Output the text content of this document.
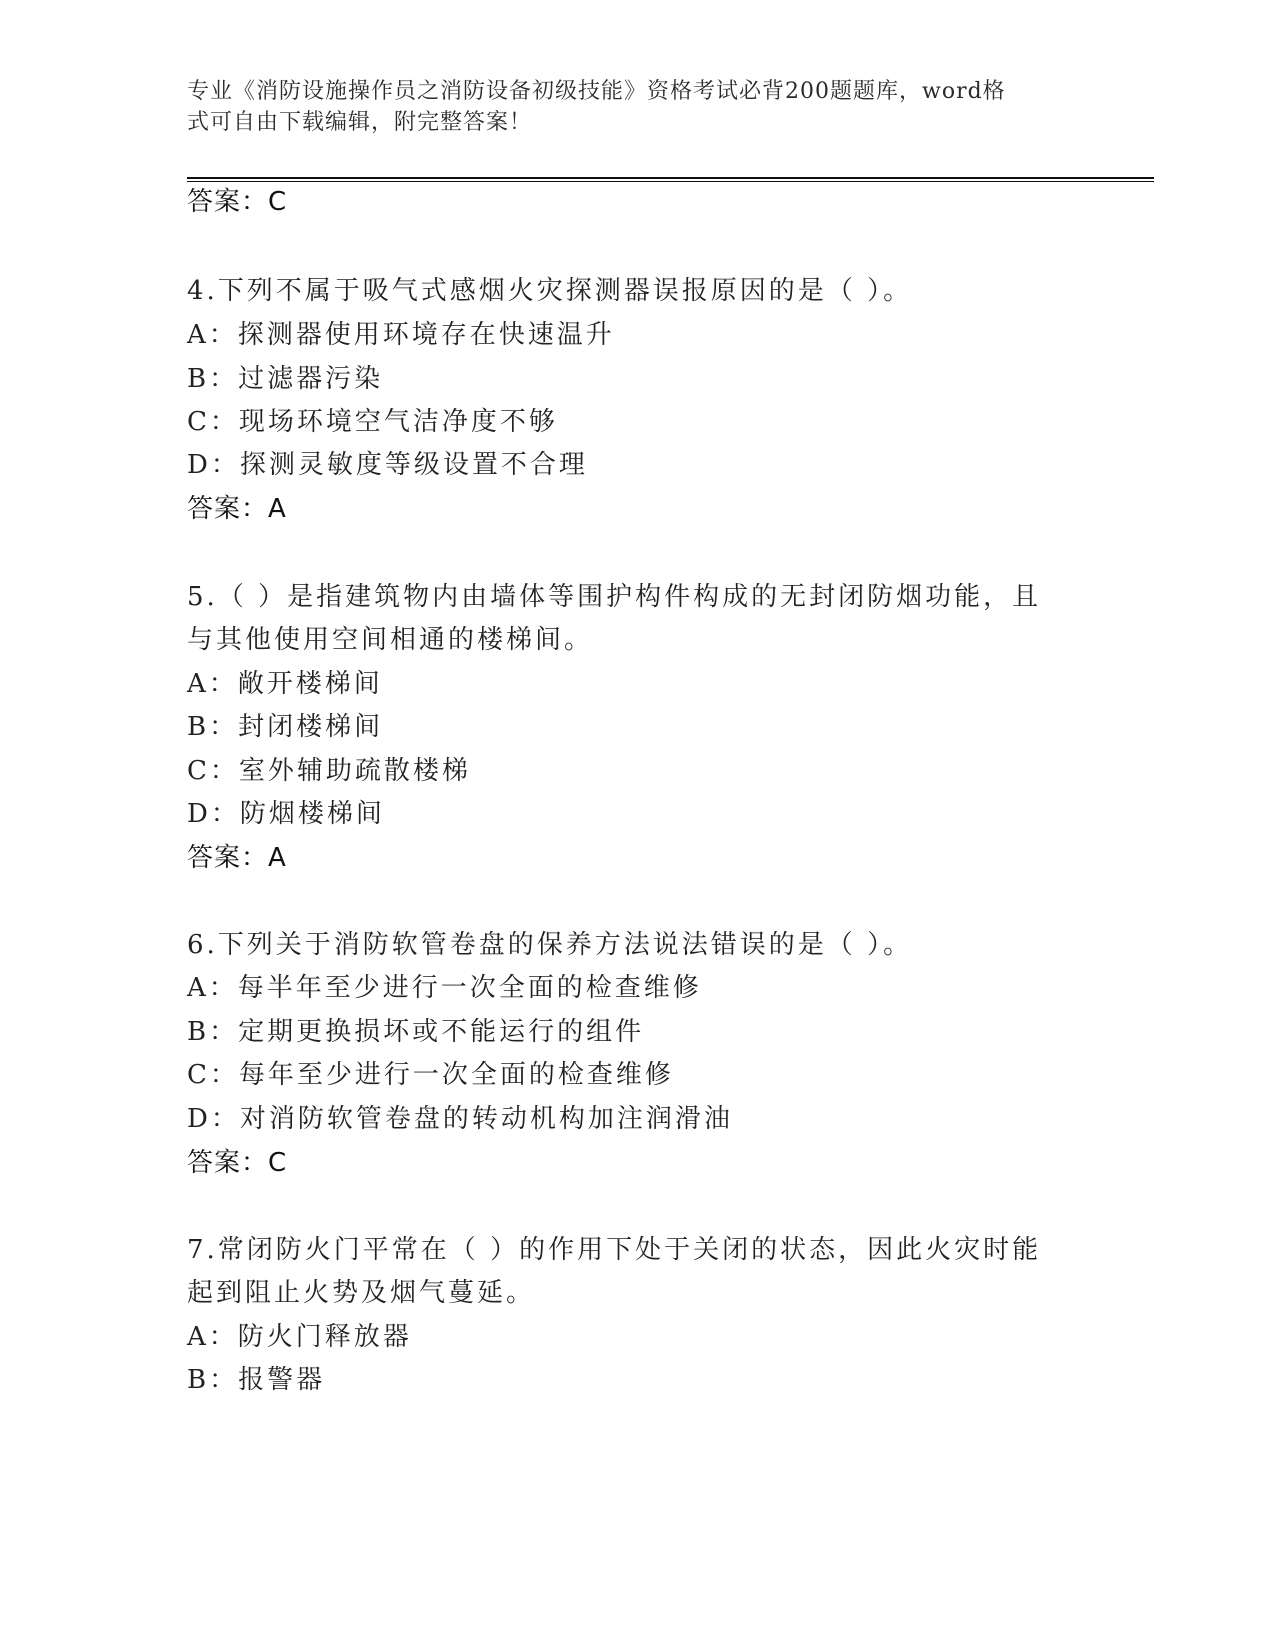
专业《消防设施操作员之消防设备初级技能》资格考试必背200题题库，word格
式可自由下载编辑，附完整答案！
答案：C
4.下列不属于吸气式感烟火灾探测器误报原因的是（ ）。
A：探测器使用环境存在快速温升
B：过滤器污染
C：现场环境空气洁净度不够
D：探测灵敏度等级设置不合理
答案：A
5.（ ）是指建筑物内由墙体等围护构件构成的无封闭防烟功能，且
与其他使用空间相通的楼梯间。
A：敞开楼梯间
B：封闭楼梯间
C：室外辅助疏散楼梯
D：防烟楼梯间
答案：A
6.下列关于消防软管卷盘的保养方法说法错误的是（ ）。
A：每半年至少进行一次全面的检查维修
B：定期更换损坏或不能运行的组件
C：每年至少进行一次全面的检查维修
D：对消防软管卷盘的转动机构加注润滑油
答案：C
7.常闭防火门平常在（ ）的作用下处于关闭的状态，因此火灾时能
起到阻止火势及烟气蔓延。
A：防火门释放器
B：报警器
